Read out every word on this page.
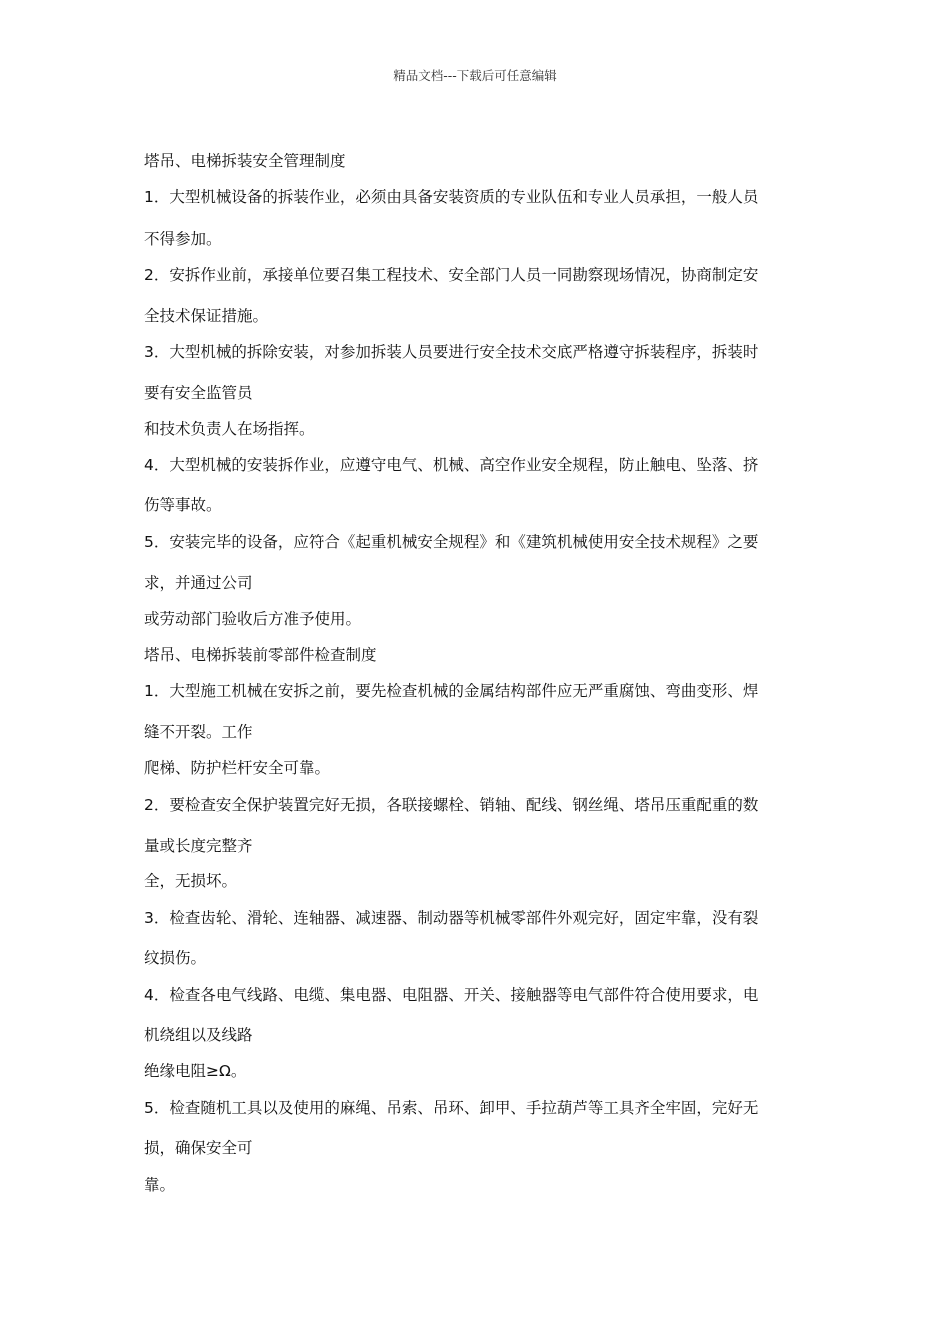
精品文档---下载后可任意编辑
塔吊、电梯拆装安全管理制度
1．大型机械设备的拆装作业，必须由具备安装资质的专业队伍和专业人员承担，一般人员
不得参加。
2．安拆作业前，承接单位要召集工程技术、安全部门人员一同勘察现场情况，协商制定安
全技术保证措施。
3．大型机械的拆除安装，对参加拆装人员要进行安全技术交底严格遵守拆装程序，拆装时
要有安全监管员
和技术负责人在场指挥。
4．大型机械的安装拆作业，应遵守电气、机械、高空作业安全规程，防止触电、坠落、挤
伤等事故。
5．安装完毕的设备，应符合《起重机械安全规程》和《建筑机械使用安全技术规程》之要
求，并通过公司
或劳动部门验收后方准予使用。
塔吊、电梯拆装前零部件检查制度
1．大型施工机械在安拆之前，要先检查机械的金属结构部件应无严重腐蚀、弯曲变形、焊
缝不开裂。工作
爬梯、防护栏杆安全可靠。
2．要检查安全保护装置完好无损，各联接螺栓、销轴、配线、钢丝绳、塔吊压重配重的数
量或长度完整齐
全，无损坏。
3．检查齿轮、滑轮、连轴器、减速器、制动器等机械零部件外观完好，固定牢靠，没有裂
纹损伤。
4．检查各电气线路、电缆、集电器、电阻器、开关、接触器等电气部件符合使用要求，电
机绕组以及线路
绝缘电阻≥Ω。
5．检查随机工具以及使用的麻绳、吊索、吊环、卸甲、手拉葫芦等工具齐全牢固，完好无
损，确保安全可
靠。
